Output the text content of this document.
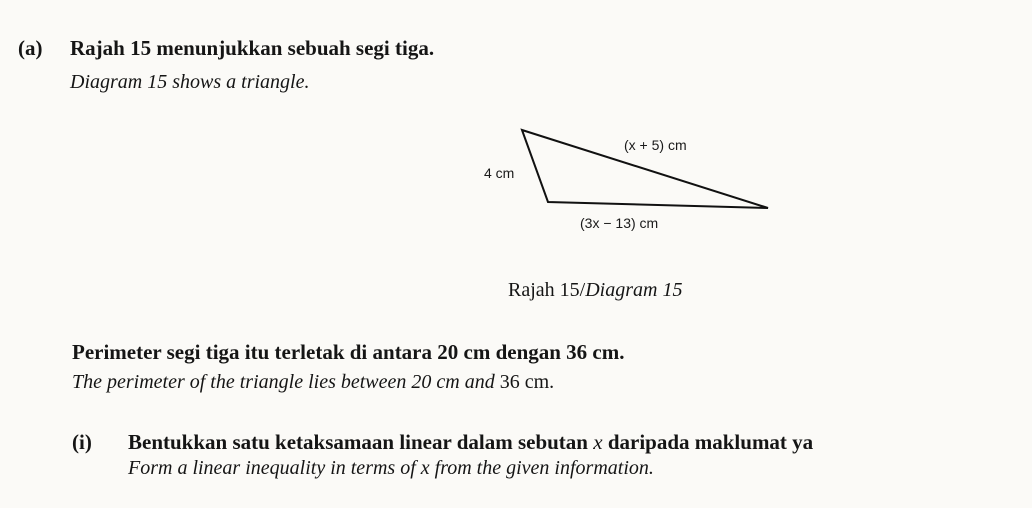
(a) Rajah 15 menunjukkan sebuah segi tiga.
Diagram 15 shows a triangle.
4 cm
(x + 5) cm
(3x − 13) cm
Rajah 15/Diagram 15
Perimeter segi tiga itu terletak di antara 20 cm dengan 36 cm.
The perimeter of the triangle lies between 20 cm and 36 cm.
(i) Bentukkan satu ketaksamaan linear dalam sebutan x daripada maklumat ya
Form a linear inequality in terms of x from the given information.
